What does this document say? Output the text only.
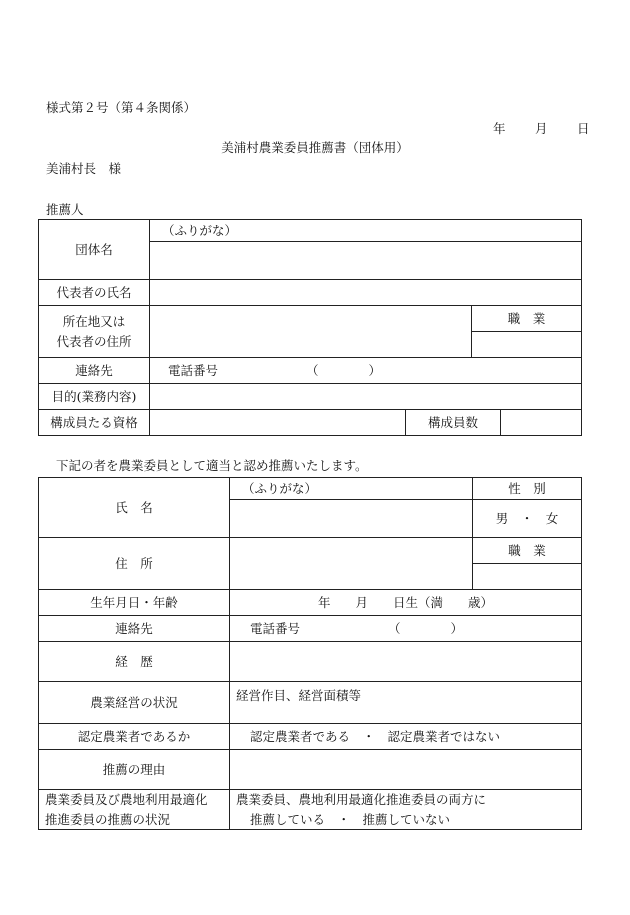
様式第２号（第４条関係）
年 月 日
美浦村農業委員推薦書（団体用）
美浦村長　様
推薦人
団体名	（ふりがな）			

代表者の氏名				
所在地又は
代表者の住所			職　業	

連絡先	電話番号 （　　　　）			
目的(業務内容)				
構成員たる資格		構成員数		
下記の者を農業委員として適当と認め推薦いたします。
氏　名	（ふりがな）	性　別
		男　・　女
住　所		職　業

生年月日・年齢	年　　月　　日生（満　　歳）	
連絡先	電話番号 （　　　　）	
経　歴		
農業経営の状況	経営作目、経営面積等	
認定農業者であるか	認定農業者である　・　認定農業者ではない	
推薦の理由		
農業委員及び農地利用最適化
推進委員の推薦の状況	農業委員、農地利用最適化推進委員の両方に
推薦している　・　推薦していない	
